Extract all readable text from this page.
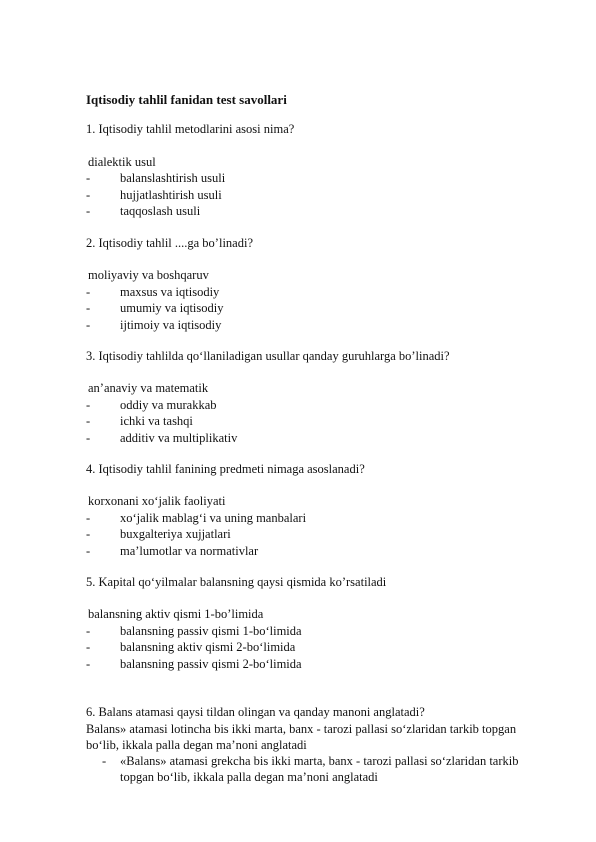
Iqtisodiy tahlil fanidan test savollari
1. Iqtisodiy tahlil metodlarini asosi nima?
dialektik usul
- balanslashtirish usuli
- hujjatlashtirish usuli
- taqqoslash usuli
2. Iqtisodiy tahlil ....ga bo’linadi?
moliyaviy va boshqaruv
- maxsus va iqtisodiy
- umumiy va iqtisodiy
- ijtimoiy va iqtisodiy
3. Iqtisodiy tahlilda qo‘llaniladigan usullar qanday guruhlarga bo’linadi?
an’anaviy va matematik
- oddiy va murakkab
- ichki va tashqi
- additiv va multiplikativ
4. Iqtisodiy tahlil fanining predmeti nimaga asoslanadi?
korxonani xo‘jalik faoliyati
- xo‘jalik mablag‘i va uning manbalari
- buxgalteriya xujjatlari
- ma’lumotlar va normativlar
5. Kapital qo‘yilmalar balansning qaysi qismida ko’rsatiladi
balansning aktiv qismi 1-bo’limida
- balansning passiv qismi 1-bo‘limida
- balansning aktiv qismi 2-bo‘limida
- balansning passiv qismi 2-bo‘limida
6. Balans atamasi qaysi tildan olingan va qanday manoni anglatadi?
Balans» atamasi lotincha bis ikki marta, banx - tarozi pallasi so‘zlaridan tarkib topgan bo‘lib, ikkala palla degan ma’noni anglatadi
- «Balans» atamasi grekcha bis ikki marta, banx - tarozi pallasi so‘zlaridan tarkib topgan bo‘lib, ikkala palla degan ma’noni anglatadi
